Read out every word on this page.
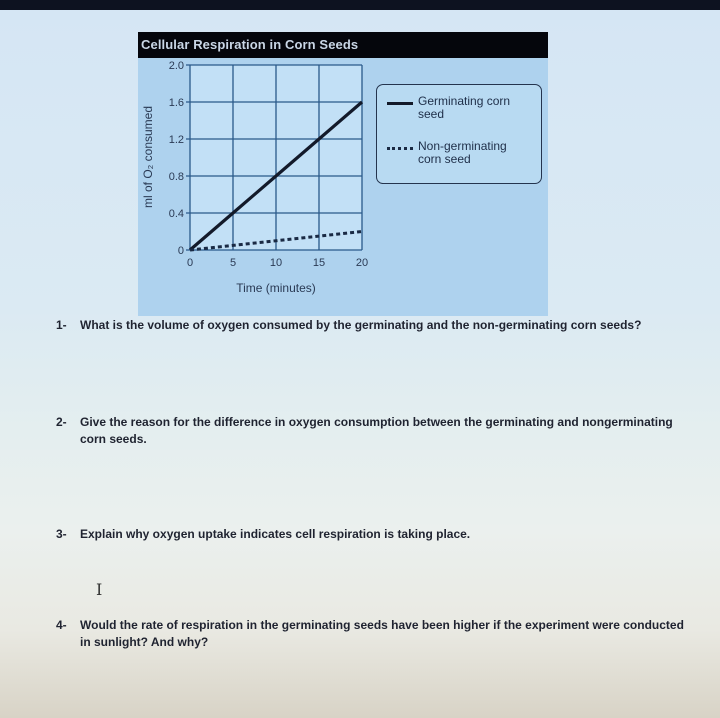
Cellular Respiration in Corn Seeds
0
0.4
0.8
1.2
1.6
2.0
0	5	10	15	20
Time (minutes)
ml of O₂ consumed
Germinating corn seed
Non-germinating corn seed
1- What is the volume of oxygen consumed by the germinating and the non-germinating corn seeds?
2- Give the reason for the difference in oxygen consumption between the germinating and nongerminating corn seeds.
3- Explain why oxygen uptake indicates cell respiration is taking place.
4- Would the rate of respiration in the germinating seeds have been higher if the experiment were conducted in sunlight? And why?
I
